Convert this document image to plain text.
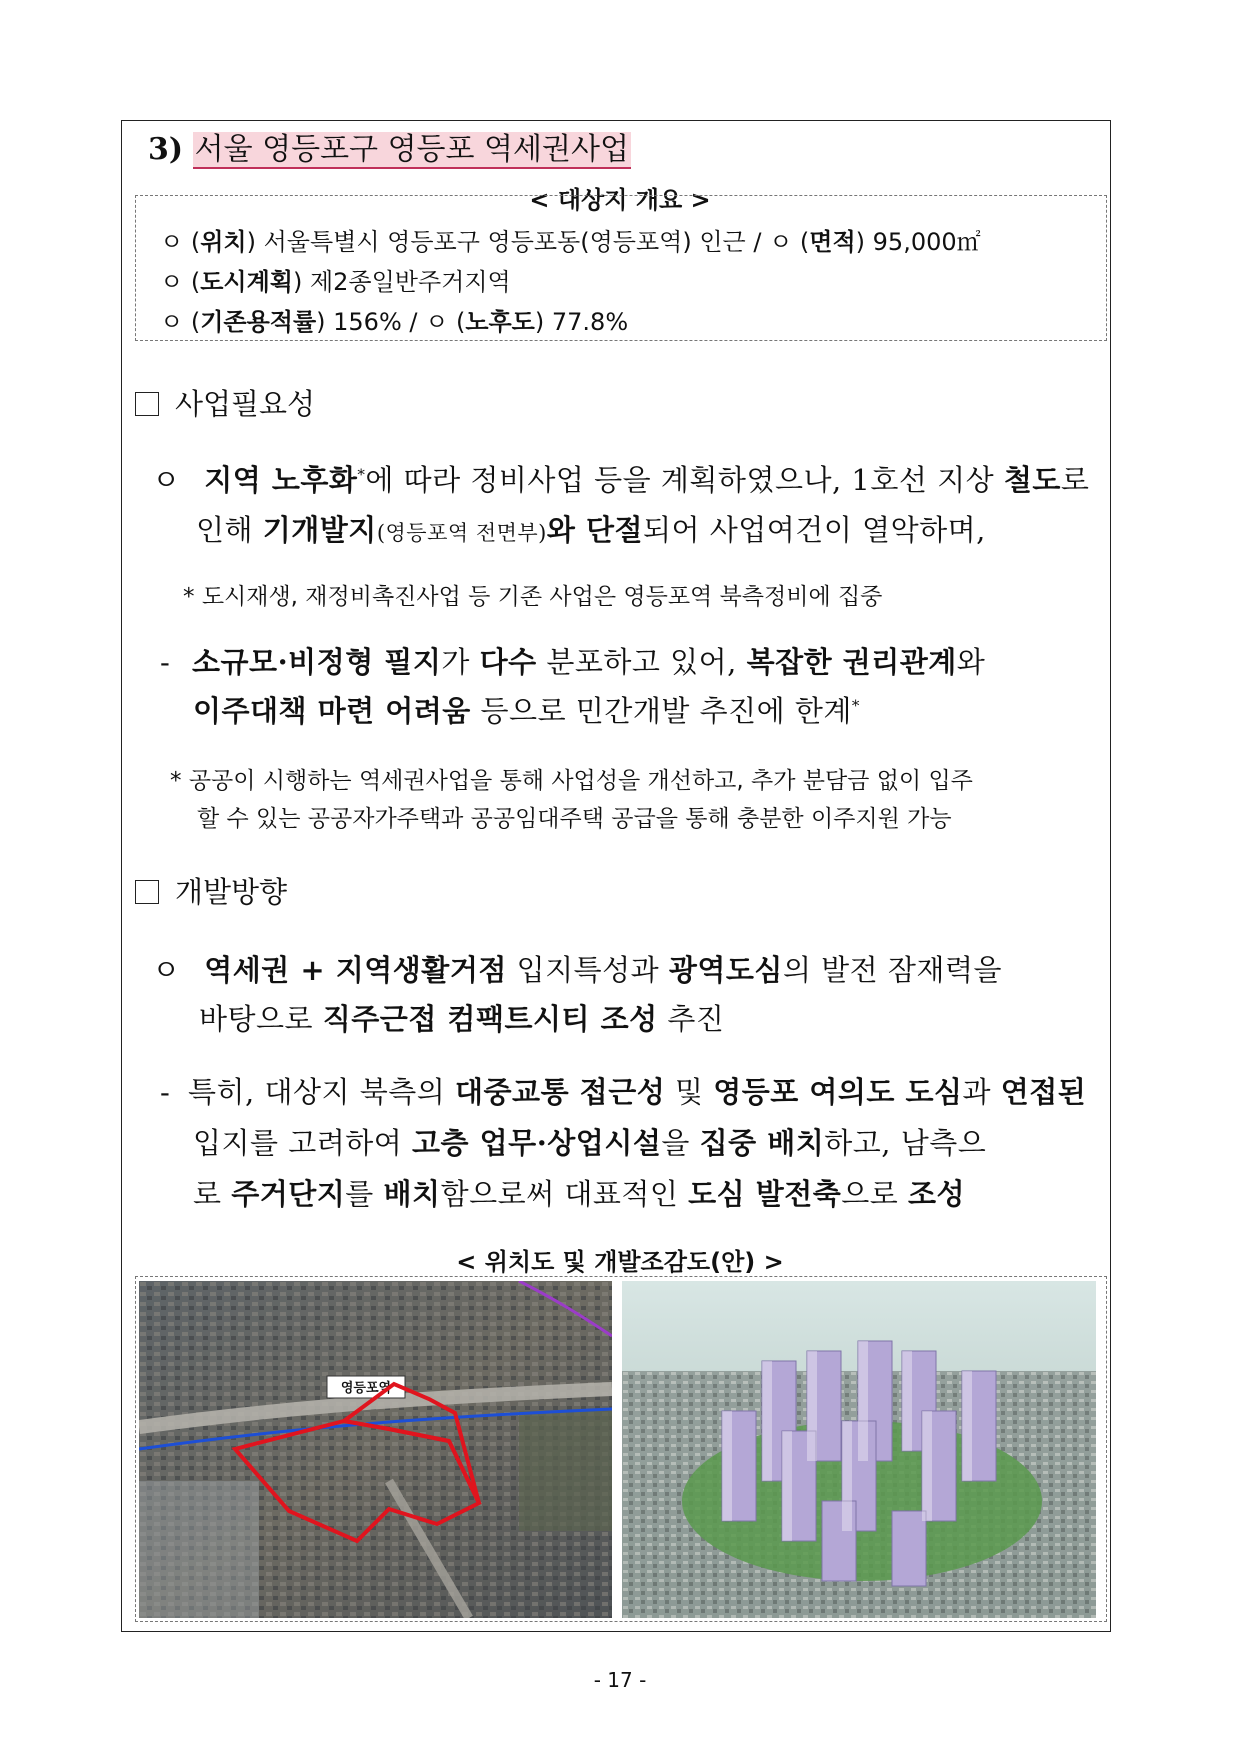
3) 서울 영등포구 영등포 역세권사업
< 대상지 개요 >
ㅇ (위치) 서울특별시 영등포구 영등포동(영등포역) 인근 / ㅇ (면적) 95,000㎡
ㅇ (도시계획) 제2종일반주거지역
ㅇ (기존용적률) 156% / ㅇ (노후도) 77.8%
사업필요성
ㅇ 지역 노후화*에 따라 정비사업 등을 계획하였으나, 1호선 지상 철도로
인해 기개발지(영등포역 전면부)와 단절되어 사업여건이 열악하며,
* 도시재생, 재정비촉진사업 등 기존 사업은 영등포역 북측정비에 집중
- 소규모·비정형 필지가 다수 분포하고 있어, 복잡한 권리관계와
이주대책 마련 어려움 등으로 민간개발 추진에 한계*
* 공공이 시행하는 역세권사업을 통해 사업성을 개선하고, 추가 분담금 없이 입주
할 수 있는 공공자가주택과 공공임대주택 공급을 통해 충분한 이주지원 가능
개발방향
ㅇ 역세권 + 지역생활거점 입지특성과 광역도심의 발전 잠재력을
바탕으로 직주근접 컴팩트시티 조성 추진
- 특히, 대상지 북측의 대중교통 접근성 및 영등포 여의도 도심과 연접된
입지를 고려하여 고층 업무·상업시설을 집중 배치하고, 남측으
로 주거단지를 배치함으로써 대표적인 도심 발전축으로 조성
< 위치도 및 개발조감도(안) >
영등포역
- 17 -
